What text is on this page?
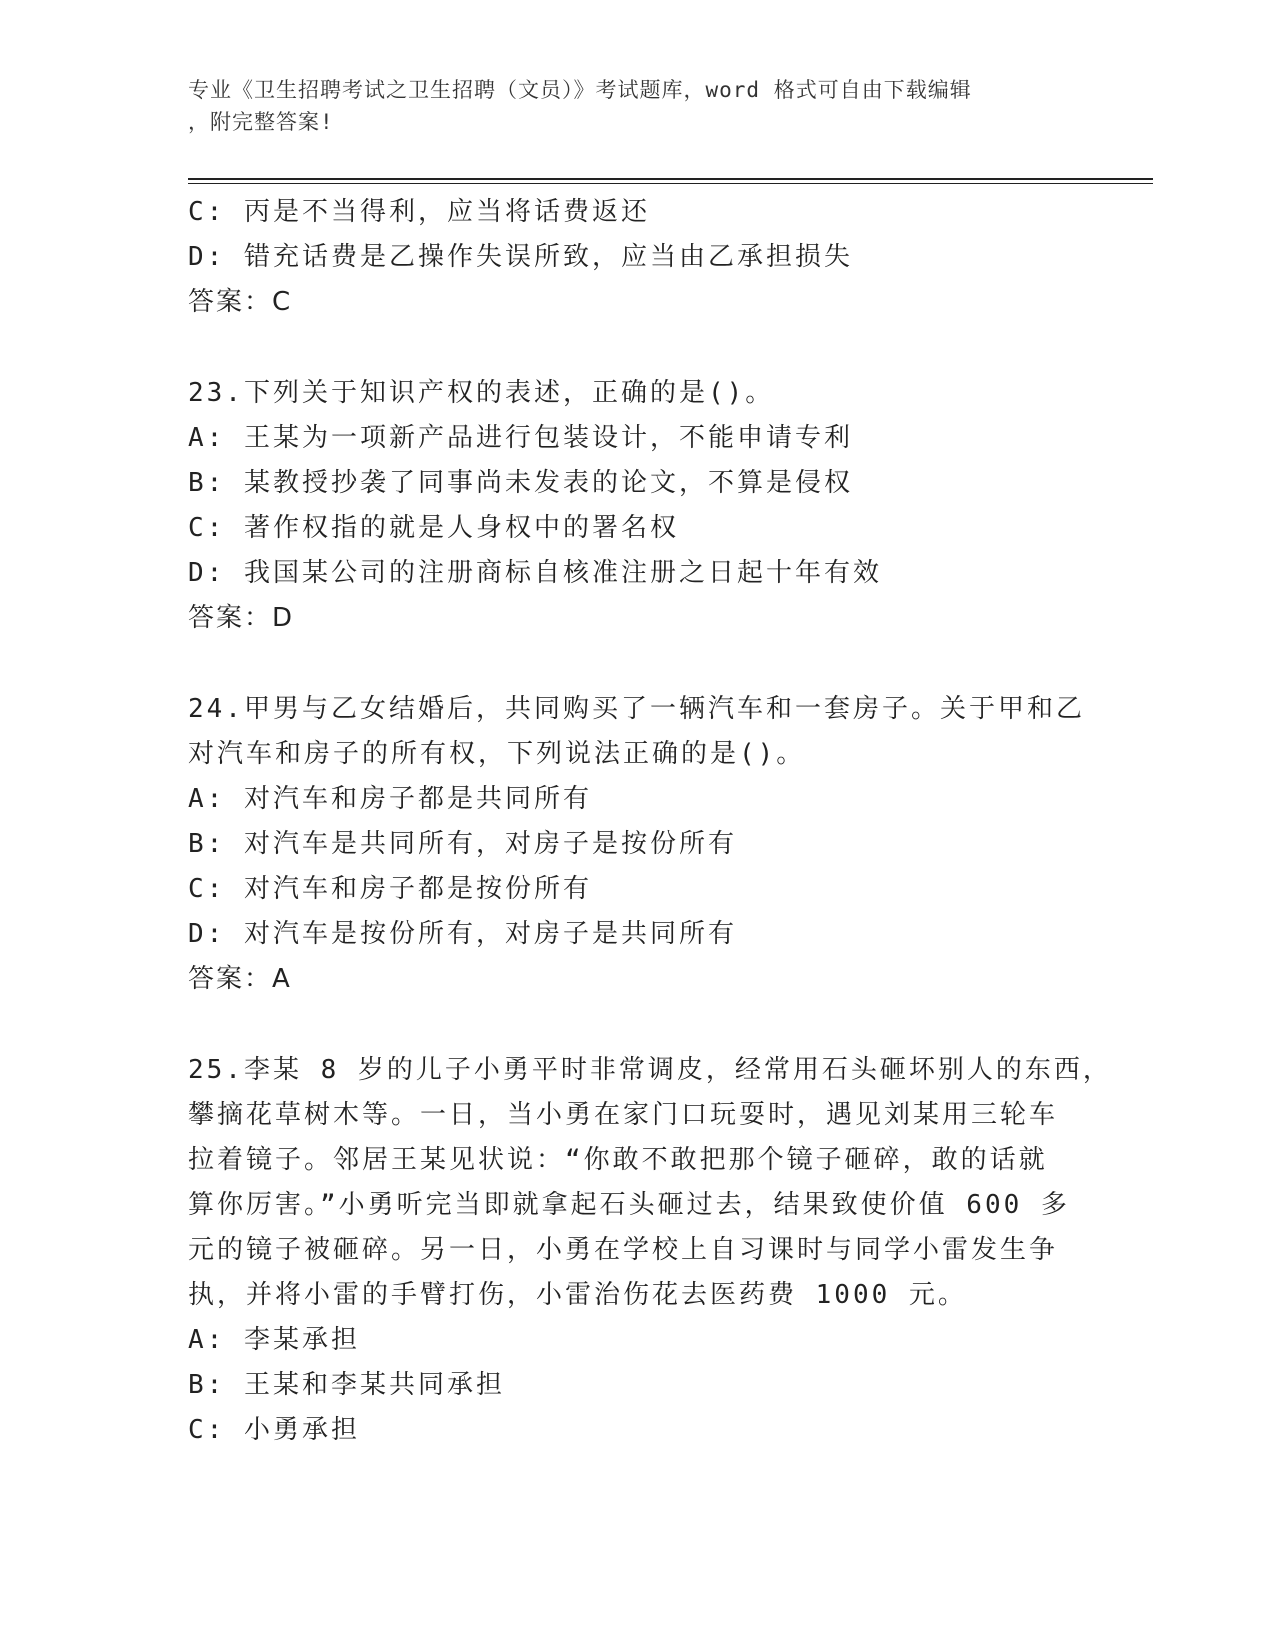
专业《卫生招聘考试之卫生招聘（文员）》考试题库，word 格式可自由下载编辑
，附完整答案!
C: 丙是不当得利，应当将话费返还
D: 错充话费是乙操作失误所致，应当由乙承担损失
答案：C
23.下列关于知识产权的表述，正确的是()。
A: 王某为一项新产品进行包装设计，不能申请专利
B: 某教授抄袭了同事尚未发表的论文，不算是侵权
C: 著作权指的就是人身权中的署名权
D: 我国某公司的注册商标自核准注册之日起十年有效
答案：D
24.甲男与乙女结婚后，共同购买了一辆汽车和一套房子。关于甲和乙
对汽车和房子的所有权，下列说法正确的是()。
A: 对汽车和房子都是共同所有
B: 对汽车是共同所有，对房子是按份所有
C: 对汽车和房子都是按份所有
D: 对汽车是按份所有，对房子是共同所有
答案：A
25.李某 8 岁的儿子小勇平时非常调皮，经常用石头砸坏别人的东西，
攀摘花草树木等。一日，当小勇在家门口玩耍时，遇见刘某用三轮车
拉着镜子。邻居王某见状说：“你敢不敢把那个镜子砸碎，敢的话就
算你厉害。”小勇听完当即就拿起石头砸过去，结果致使价值 600 多
元的镜子被砸碎。另一日，小勇在学校上自习课时与同学小雷发生争
执，并将小雷的手臂打伤，小雷治伤花去医药费 1000 元。
A: 李某承担
B: 王某和李某共同承担
C: 小勇承担
